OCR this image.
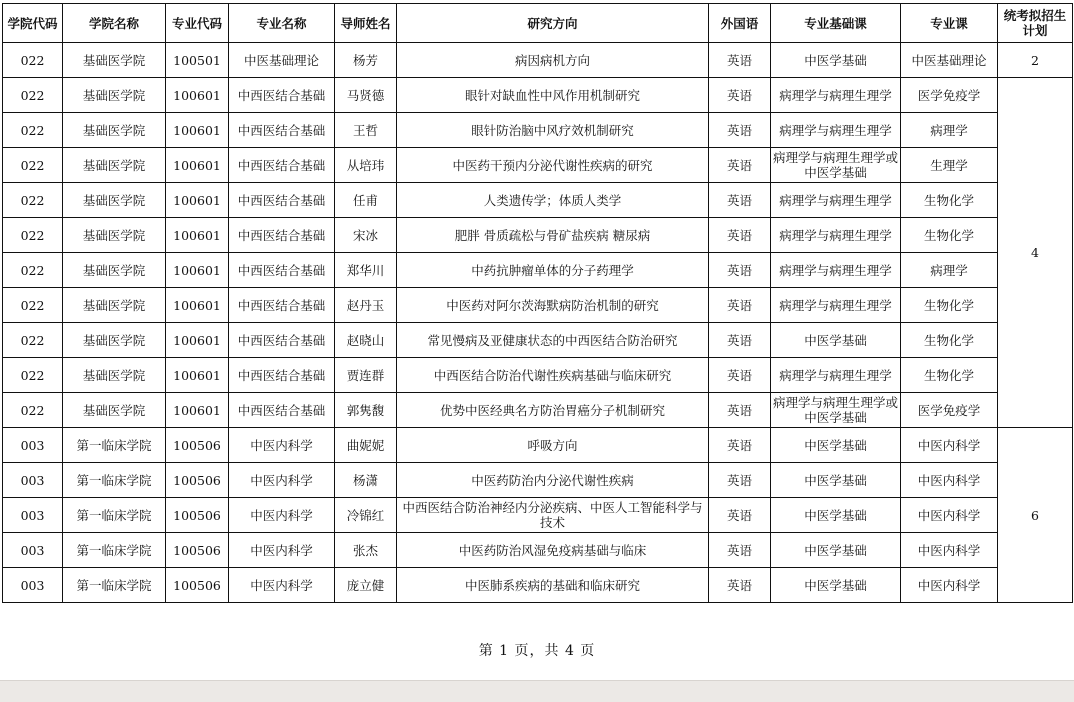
学院代码	学院名称	专业代码	专业名称	导师姓名	研究方向	外国语	专业基础课	专业课	统考拟招生计划
022	基础医学院	100501	中医基础理论	杨芳	病因病机方向	英语	中医学基础	中医基础理论	2
022	基础医学院	100601	中西医结合基础	马贤德	眼针对缺血性中风作用机制研究	英语	病理学与病理生理学	医学免疫学	4
022	基础医学院	100601	中西医结合基础	王哲	眼针防治脑中风疗效机制研究	英语	病理学与病理生理学	病理学	
022	基础医学院	100601	中西医结合基础	从培玮	中医药干预内分泌代谢性疾病的研究	英语	病理学与病理生理学或中医学基础	生理学	
022	基础医学院	100601	中西医结合基础	任甫	人类遗传学；体质人类学	英语	病理学与病理生理学	生物化学	
022	基础医学院	100601	中西医结合基础	宋冰	肥胖 骨质疏松与骨矿盐疾病 糖尿病	英语	病理学与病理生理学	生物化学	
022	基础医学院	100601	中西医结合基础	郑华川	中药抗肿瘤单体的分子药理学	英语	病理学与病理生理学	病理学	
022	基础医学院	100601	中西医结合基础	赵丹玉	中医药对阿尔茨海默病防治机制的研究	英语	病理学与病理生理学	生物化学	
022	基础医学院	100601	中西医结合基础	赵晓山	常见慢病及亚健康状态的中西医结合防治研究	英语	中医学基础	生物化学	
022	基础医学院	100601	中西医结合基础	贾连群	中西医结合防治代谢性疾病基础与临床研究	英语	病理学与病理生理学	生物化学	
022	基础医学院	100601	中西医结合基础	郭隽馥	优势中医经典名方防治胃癌分子机制研究	英语	病理学与病理生理学或中医学基础	医学免疫学	
003	第一临床学院	100506	中医内科学	曲妮妮	呼吸方向	英语	中医学基础	中医内科学	6
003	第一临床学院	100506	中医内科学	杨潇	中医药防治内分泌代谢性疾病	英语	中医学基础	中医内科学	
003	第一临床学院	100506	中医内科学	冷锦红	中西医结合防治神经内分泌疾病、中医人工智能科学与技术	英语	中医学基础	中医内科学	
003	第一临床学院	100506	中医内科学	张杰	中医药防治风湿免疫病基础与临床	英语	中医学基础	中医内科学	
003	第一临床学院	100506	中医内科学	庞立健	中医肺系疾病的基础和临床研究	英语	中医学基础	中医内科学	
第 1 页，共 4 页
